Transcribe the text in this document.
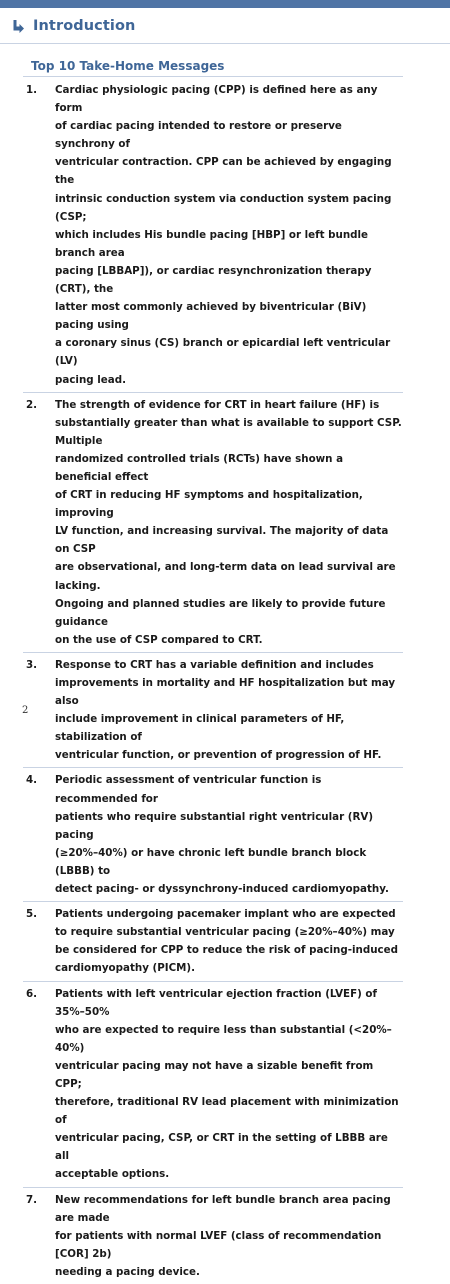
Introduction
Top 10 Take-Home Messages
1.	Cardiac physiologic pacing (CPP) is defined here as any form
of cardiac pacing intended to restore or preserve synchrony of
ventricular contraction. CPP can be achieved by engaging the
intrinsic conduction system via conduction system pacing (CSP;
which includes His bundle pacing [HBP] or left bundle branch area
pacing [LBBAP]), or cardiac resynchronization therapy (CRT), the
latter most commonly achieved by biventricular (BiV) pacing using
a coronary sinus (CS) branch or epicardial left ventricular (LV)
pacing lead.
2.	The strength of evidence for CRT in heart failure (HF) is
substantially greater than what is available to support CSP. Multiple
randomized controlled trials (RCTs) have shown a beneficial effect
of CRT in reducing HF symptoms and hospitalization, improving
LV function, and increasing survival. The majority of data on CSP
are observational, and long-term data on lead survival are lacking.
Ongoing and planned studies are likely to provide future guidance
on the use of CSP compared to CRT.
3.	Response to CRT has a variable definition and includes
improvements in mortality and HF hospitalization but may also
include improvement in clinical parameters of HF, stabilization of
ventricular function, or prevention of progression of HF.
4.	Periodic assessment of ventricular function is recommended for
patients who require substantial right ventricular (RV) pacing
(≥20%–40%) or have chronic left bundle branch block (LBBB) to
detect pacing- or dyssynchrony-induced cardiomyopathy.
5.	Patients undergoing pacemaker implant who are expected
to require substantial ventricular pacing (≥20%–40%) may
be considered for CPP to reduce the risk of pacing-induced
cardiomyopathy (PICM).
6.	Patients with left ventricular ejection fraction (LVEF) of 35%–50%
who are expected to require less than substantial (<20%–40%)
ventricular pacing may not have a sizable benefit from CPP;
therefore, traditional RV lead placement with minimization of
ventricular pacing, CSP, or CRT in the setting of LBBB are all
acceptable options.
7.	New recommendations for left bundle branch area pacing are made
for patients with normal LVEF (class of recommendation [COR] 2b)
needing a pacing device.
2
